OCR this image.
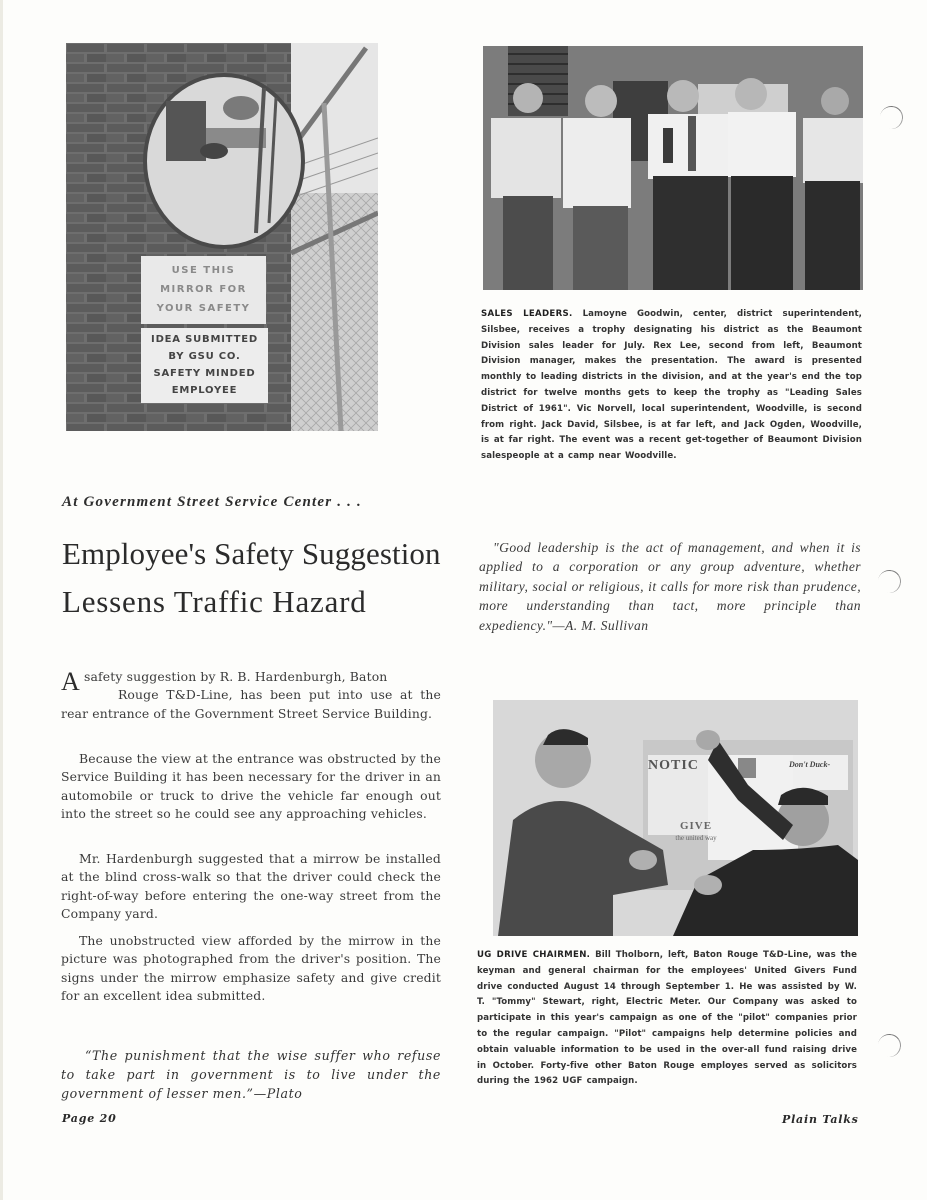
USE THIS
MIRROR FOR
YOUR SAFETY
IDEA SUBMITTED
BY GSU CO.
SAFETY MINDED
EMPLOYEE
SALES LEADERS. Lamoyne Goodwin, center, district superintendent, Silsbee, receives a trophy designating his district as the Beaumont Division sales leader for July. Rex Lee, second from left, Beaumont Division manager, makes the presentation. The award is presented monthly to leading districts in the division, and at the year's end the top district for twelve months gets to keep the trophy as "Leading Sales District of 1961". Vic Norvell, local superintendent, Woodville, is second from right. Jack David, Silsbee, is at far left, and Jack Ogden, Woodville, is at far right. The event was a recent get-together of Beaumont Division salespeople at a camp near Woodville.
At Government Street Service Center . . .
Employee's Safety Suggestion
Lessens Traffic Hazard
"Good leadership is the act of management, and when it is applied to a corporation or any group adventure, whether military, social or religious, it calls for more risk than prudence, more understanding than tact, more principle than expediency."—A. M. Sullivan

A safety suggestion by R. B. Hardenburgh, Baton
Rouge T&D-Line, has been put into use at the rear entrance of the Government Street Service Building.

Because the view at the entrance was obstructed by the Service Building it has been necessary for the driver in an automobile or truck to drive the vehicle far enough out into the street so he could see any approaching vehicles.

Mr. Hardenburgh suggested that a mirrow be installed at the blind cross-walk so that the driver could check the right-of-way before entering the one-way street from the Company yard.

The unobstructed view afforded by the mirrow in the picture was photographed from the driver's position. The signs under the mirrow emphasize safety and give credit for an excellent idea submitted.

“The punishment that the wise suffer who refuse to take part in government is to live under the government of lesser men.”—Plato
NOTIC
GIVE
the united way
Don't Duck-
UG DRIVE CHAIRMEN. Bill Tholborn, left, Baton Rouge T&D-Line, was the keyman and general chairman for the employees' United Givers Fund drive conducted August 14 through September 1. He was assisted by W. T. "Tommy" Stewart, right, Electric Meter. Our Company was asked to participate in this year's campaign as one of the "pilot" companies prior to the regular campaign. "Pilot" campaigns help determine policies and obtain valuable information to be used in the over-all fund raising drive in October. Forty-five other Baton Rouge employes served as solicitors during the 1962 UGF campaign.
Page 20	Plain Talks
